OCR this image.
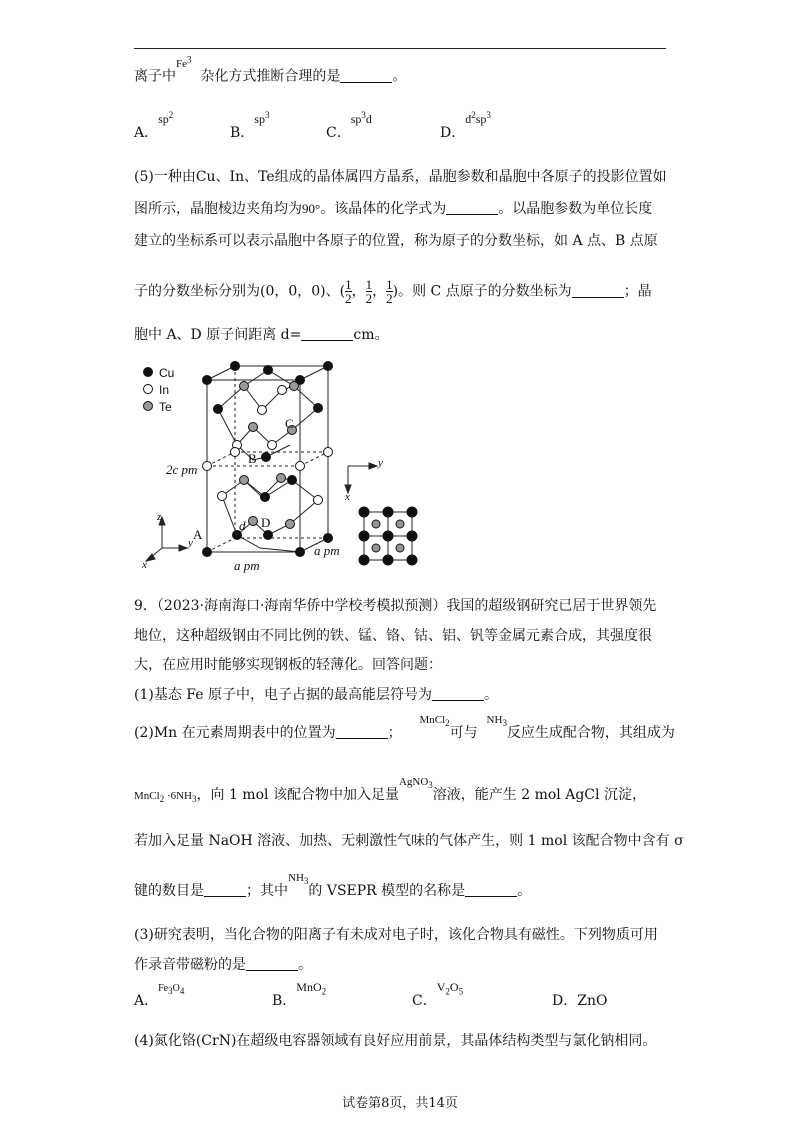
离子中$^{Fe^3}$  杂化方式推断合理的是	。
A．$sp^2$
B．$sp^3$
C．$sp^3d$
D．$d^2sp^3$
(5)一种由Cu、In、Te组成的晶体属四方晶系，晶胞参数和晶胞中各原子的投影位置如
图所示，晶胞棱边夹角均为90°。该晶体的化学式为	。以晶胞参数为单位长度
建立的坐标系可以表示晶胞中各原子的位置，称为原子的分数坐标，如 A 点、B 点原
子的分数坐标分别为(0，0，0)、( $\frac{1}{2}$ ， $\frac{1}{2}$ ， $\frac{1}{2}$ )。则 C 点原子的分数坐标为	；晶
胞中 A、D 原子间距离 d=	cm。
Cu
In
Te
A
B
C
D
d
2c pm
a pm
a pm
z
y
x
y
x
9．（2023·海南海口·海南华侨中学校考模拟预测）我国的超级钢研究已居于世界领先
地位，这种超级钢由不同比例的铁、锰、铬、钴、铝、钒等金属元素合成，其强度很
大，在应用时能够实现钢板的轻薄化。回答问题：
(1)基态 Fe 原子中，电子占据的最高能层符号为	。
(2)Mn 在元素周期表中的位置为	；    $^{MnCl_2}$可与  $^{NH_3}$反应生成配合物，其组成为
MnCl$_2$ $\cdot 6NH_3$，向 1 mol 该配合物中加入足量$^{AgNO_3}$溶液，能产生 2 mol AgCl 沉淀，
若加入足量 NaOH 溶液、加热、无刺激性气味的气体产生，则 1 mol 该配合物中含有 σ
键的数目是	；其中$^{NH_3}$的 VSEPR 模型的名称是	。
(3)研究表明，当化合物的阳离子有未成对电子时，该化合物具有磁性。下列物质可用
作录音带磁粉的是	。
A．$^{Fe_3O_4}$
B．MnO$_2$
C．$V_2O_5$
D．ZnO
(4)氮化铬(CrN)在超级电容器领域有良好应用前景，其晶体结构类型与氯化钠相同。
试卷第8页，共14页
